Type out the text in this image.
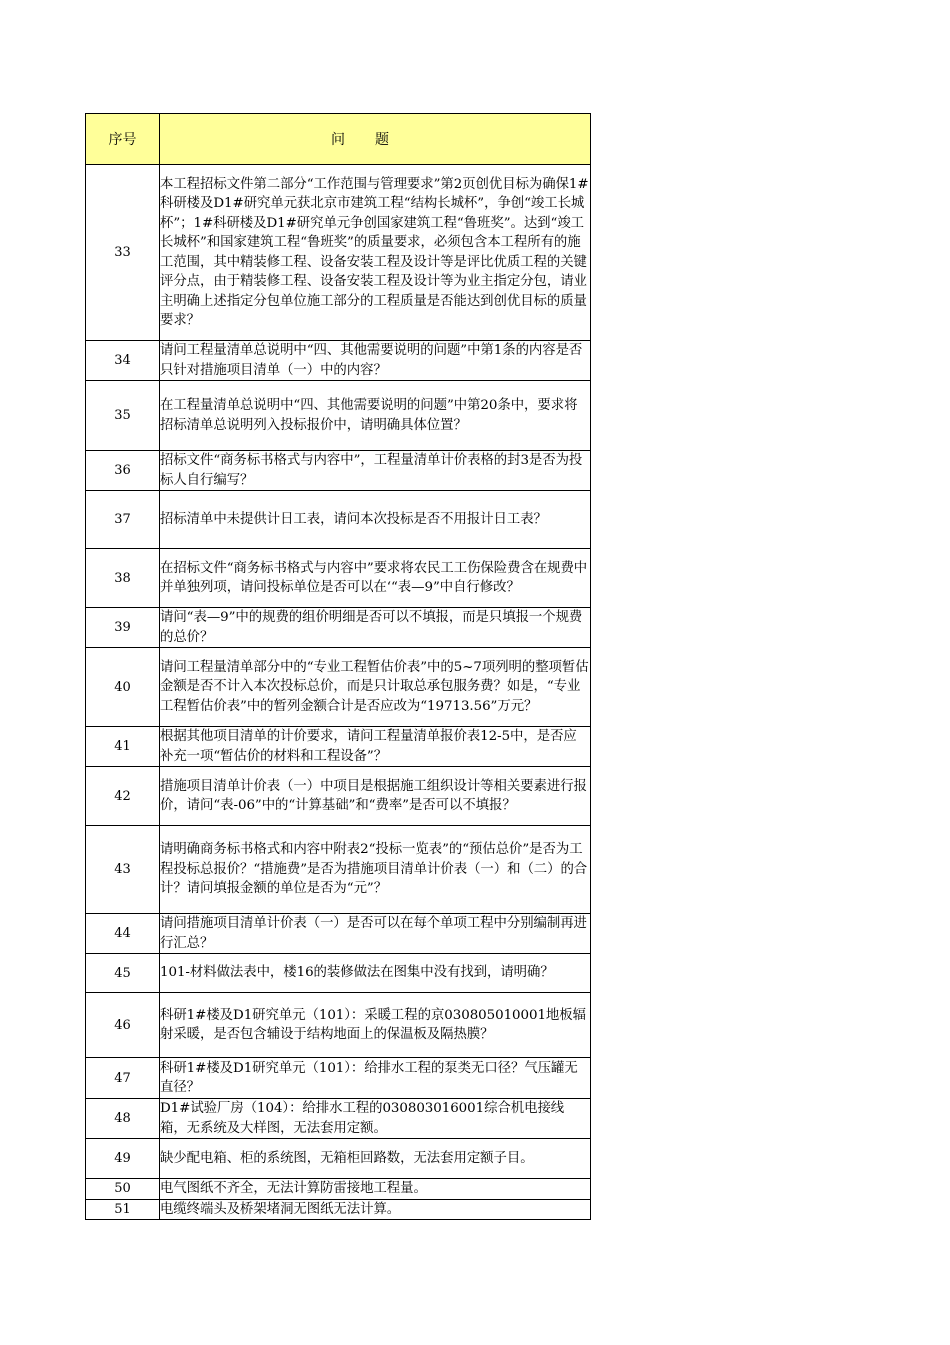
序号	问题
33	本工程招标文件第二部分“工作范围与管理要求”第2页创优目标为确保1#科研楼及D1#研究单元获北京市建筑工程“结构长城杯”，争创“竣工长城杯”；1#科研楼及D1#研究单元争创国家建筑工程“鲁班奖”。达到“竣工长城杯”和国家建筑工程“鲁班奖”的质量要求，必须包含本工程所有的施工范围，其中精装修工程、设备安装工程及设计等是评比优质工程的关键评分点，由于精装修工程、设备安装工程及设计等为业主指定分包，请业主明确上述指定分包单位施工部分的工程质量是否能达到创优目标的质量要求？
34	请问工程量清单总说明中“四、其他需要说明的问题”中第1条的内容是否只针对措施项目清单（一）中的内容？
35	在工程量清单总说明中“四、其他需要说明的问题”中第20条中，要求将招标清单总说明列入投标报价中，请明确具体位置？
36	招标文件“商务标书格式与内容中”，工程量清单计价表格的封3是否为投标人自行编写？
37	招标清单中未提供计日工表，请问本次投标是否不用报计日工表？
38	在招标文件“商务标书格式与内容中”要求将农民工工伤保险费含在规费中并单独列项，请问投标单位是否可以在‘“表—9”中自行修改？
39	请问“表—9”中的规费的组价明细是否可以不填报，而是只填报一个规费的总价？
40	请问工程量清单部分中的“专业工程暂估价表”中的5~7项列明的整项暂估金额是否不计入本次投标总价，而是只计取总承包服务费？如是，“专业工程暂估价表”中的暂列金额合计是否应改为“19713.56”万元？
41	根据其他项目清单的计价要求，请问工程量清单报价表12-5中，是否应补充一项“暂估价的材料和工程设备”？
42	措施项目清单计价表（一）中项目是根据施工组织设计等相关要素进行报价，请问“表-06”中的“计算基础”和“费率”是否可以不填报？
43	请明确商务标书格式和内容中附表2“投标一览表”的“预估总价”是否为工程投标总报价？“措施费”是否为措施项目清单计价表（一）和（二）的合计？请问填报金额的单位是否为“元”？
44	请问措施项目清单计价表（一）是否可以在每个单项工程中分别编制再进行汇总？
45	101-材料做法表中，楼16的装修做法在图集中没有找到，请明确？
46	科研1#楼及D1研究单元（101）：采暖工程的京030805010001地板辐射采暖，是否包含辅设于结构地面上的保温板及隔热膜？
47	科研1#楼及D1研究单元（101）：给排水工程的泵类无口径？气压罐无直径？
48	D1#试验厂房（104）：给排水工程的030803016001综合机电接线箱，无系统及大样图，无法套用定额。
49	缺少配电箱、柜的系统图，无箱柜回路数，无法套用定额子目。
50	电气图纸不齐全，无法计算防雷接地工程量。
51	电缆终端头及桥架堵洞无图纸无法计算。
